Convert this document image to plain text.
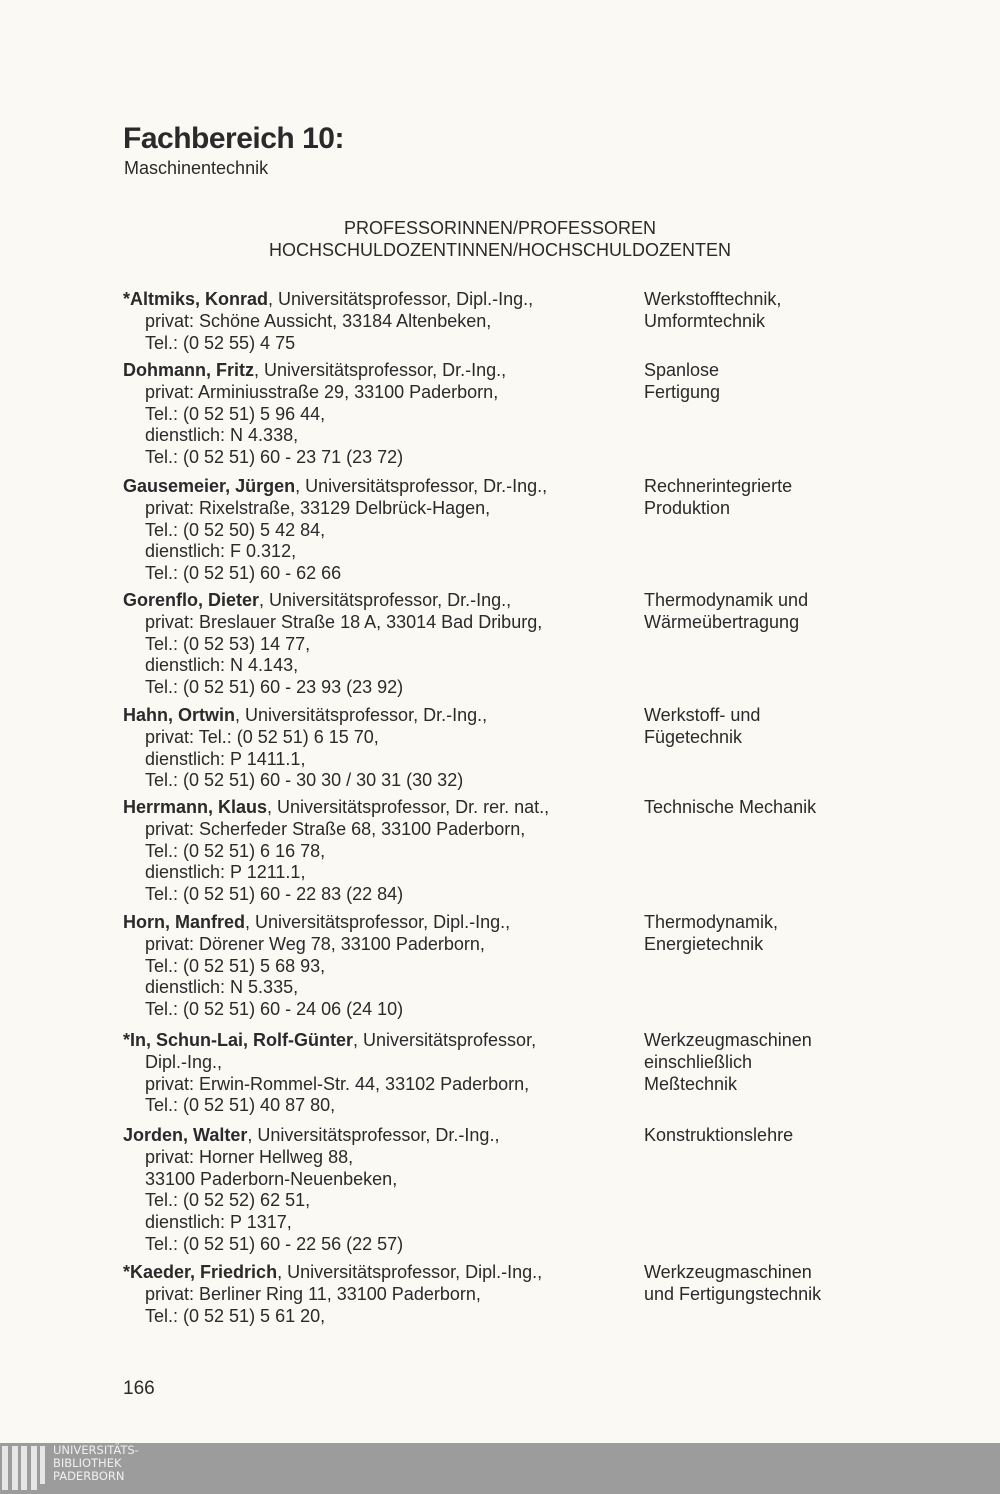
Fachbereich 10:
Maschinentechnik
PROFESSORINNEN/PROFESSOREN
HOCHSCHULDOZENTINNEN/HOCHSCHULDOZENTEN
*Altmiks, Konrad, Universitätsprofessor, Dipl.-Ing.,
privat: Schöne Aussicht, 33184 Altenbeken,
Tel.: (0 52 55) 4 75
Werkstofftechnik,
Umformtechnik
Dohmann, Fritz, Universitätsprofessor, Dr.-Ing.,
privat: Arminiusstraße 29, 33100 Paderborn,
Tel.: (0 52 51) 5 96 44,
dienstlich: N 4.338,
Tel.: (0 52 51) 60 - 23 71 (23 72)
Spanlose
Fertigung
Gausemeier, Jürgen, Universitätsprofessor, Dr.-Ing.,
privat: Rixelstraße, 33129 Delbrück-Hagen,
Tel.: (0 52 50) 5 42 84,
dienstlich: F 0.312,
Tel.: (0 52 51) 60 - 62 66
Rechnerintegrierte
Produktion
Gorenflo, Dieter, Universitätsprofessor, Dr.-Ing.,
privat: Breslauer Straße 18 A, 33014 Bad Driburg,
Tel.: (0 52 53) 14 77,
dienstlich: N 4.143,
Tel.: (0 52 51) 60 - 23 93 (23 92)
Thermodynamik und
Wärmeübertragung
Hahn, Ortwin, Universitätsprofessor, Dr.-Ing.,
privat: Tel.: (0 52 51) 6 15 70,
dienstlich: P 1411.1,
Tel.: (0 52 51) 60 - 30 30 / 30 31 (30 32)
Werkstoff- und
Fügetechnik
Herrmann, Klaus, Universitätsprofessor, Dr. rer. nat.,
privat: Scherfeder Straße 68, 33100 Paderborn,
Tel.: (0 52 51) 6 16 78,
dienstlich: P 1211.1,
Tel.: (0 52 51) 60 - 22 83 (22 84)
Technische Mechanik
Horn, Manfred, Universitätsprofessor, Dipl.-Ing.,
privat: Dörener Weg 78, 33100 Paderborn,
Tel.: (0 52 51) 5 68 93,
dienstlich: N 5.335,
Tel.: (0 52 51) 60 - 24 06 (24 10)
Thermodynamik,
Energietechnik
*In, Schun-Lai, Rolf-Günter, Universitätsprofessor,
Dipl.-Ing.,
privat: Erwin-Rommel-Str. 44, 33102 Paderborn,
Tel.: (0 52 51) 40 87 80,
Werkzeugmaschinen
einschließlich
Meßtechnik
Jorden, Walter, Universitätsprofessor, Dr.-Ing.,
privat: Horner Hellweg 88,
33100 Paderborn-Neuenbeken,
Tel.: (0 52 52) 62 51,
dienstlich: P 1317,
Tel.: (0 52 51) 60 - 22 56 (22 57)
Konstruktionslehre
*Kaeder, Friedrich, Universitätsprofessor, Dipl.-Ing.,
privat: Berliner Ring 11, 33100 Paderborn,
Tel.: (0 52 51) 5 61 20,
Werkzeugmaschinen
und Fertigungstechnik
166
UNIVERSITÄTS-
BIBLIOTHEK
PADERBORN
